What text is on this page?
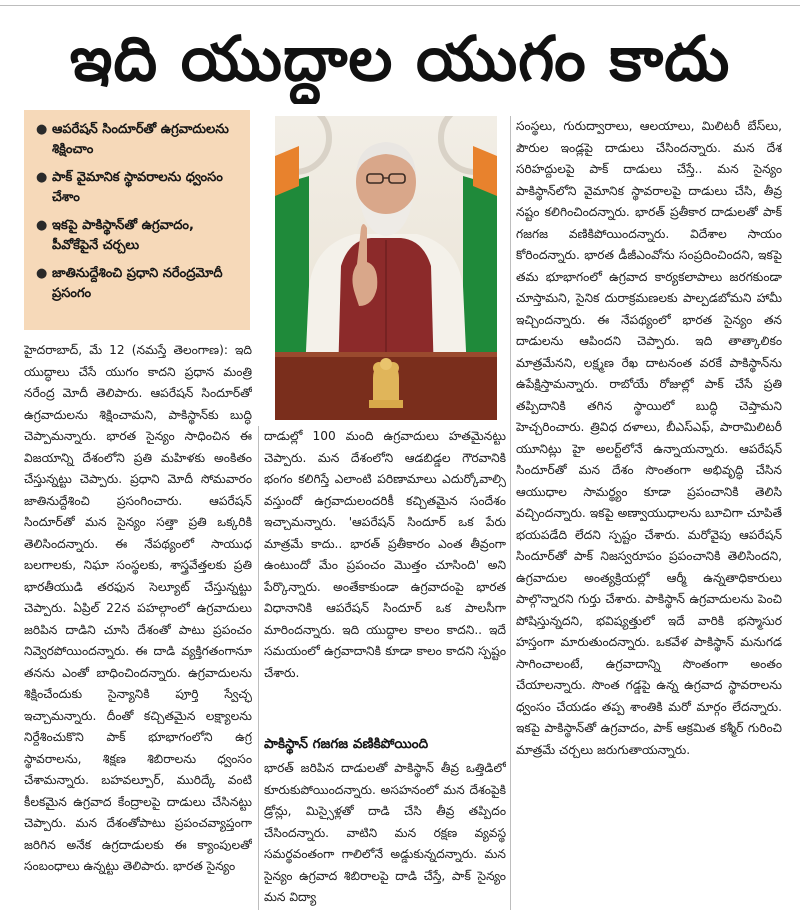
ఇది యుద్ధాల యుగం కాదు
● ఆపరేషన్ సిందూర్‌తో ఉగ్రవాదులను శిక్షించాం
● పాక్ వైమానిక స్థావరాలను ధ్వంసం చేశాం
● ఇకపై పాకిస్థాన్‌తో ఉగ్రవాదం, పీవోకేపైనే చర్చలు
● జాతినుద్దేశించి ప్రధాని నరేంద్రమోదీ ప్రసంగం
హైదరాబాద్, మే 12 (నమస్తే తెలంగాణ): ఇది యుద్ధాలు చేసే యుగం కాదని ప్రధాన మంత్రి నరేంద్ర మోదీ తెలిపారు. ఆపరేషన్ సిందూర్‌తో ఉగ్రవాదులను శిక్షించామని, పాకిస్థాన్‌కు బుద్ధి చెప్పామన్నారు. భారత సైన్యం సాధించిన ఈ విజయాన్ని దేశంలోని ప్రతి మహిళకు అంకితం చేస్తున్నట్టు చెప్పారు. ప్రధాని మోదీ సోమవారం జాతినుద్దేశించి ప్రసంగించారు. ఆపరేషన్ సిందూర్‌తో మన సైన్యం సత్తా ప్రతి ఒక్కరికి తెలిసిందన్నారు. ఈ నేపథ్యంలో సాయుధ బలగాలకు, నిఘా సంస్థలకు, శాస్త్రవేత్తలకు ప్రతి భారతీయుడి తరఫున సెల్యూట్ చేస్తున్నట్టు చెప్పారు. ఏప్రిల్ 22న పహల్గాంలో ఉగ్రవాదులు జరిపిన దాడిని చూసి దేశంతో పాటు ప్రపంచం నివ్వెరపోయిందన్నారు. ఈ దాడి వ్యక్తిగతంగానూ తనను ఎంతో బాధించిందన్నారు. ఉగ్రవాదులను శిక్షించేందుకు సైన్యానికి పూర్తి స్వేచ్ఛ ఇచ్చామన్నారు. దీంతో కచ్చితమైన లక్ష్యాలను నిర్దేశించుకొని పాక్ భూభాగంలోని ఉగ్ర స్థావరాలను, శిక్షణ శిబిరాలను ధ్వంసం చేశామన్నారు. బహవల్పూర్, మురిద్కే వంటి కీలకమైన ఉగ్రవాద కేంద్రాలపై దాడులు చేసినట్టు చెప్పారు. మన దేశంతోపాటు ప్రపంచవ్యాప్తంగా జరిగిన అనేక ఉగ్రదాడులకు ఈ క్యాంపులతో సంబంధాలు ఉన్నట్టు తెలిపారు. భారత సైన్యం
దాడుల్లో 100 మంది ఉగ్రవాదులు హతమైనట్టు చెప్పారు. మన దేశంలోని ఆడబిడ్డల గౌరవానికి భంగం కలిగిస్తే ఎలాంటి పరిణామాలు ఎదుర్కోవాల్సి వస్తుందో ఉగ్రవాదులందరికీ కచ్చితమైన సందేశం ఇచ్చామన్నారు. 'ఆపరేషన్ సిందూర్ ఒక పేరు మాత్రమే కాదు.. భారత్ ప్రతీకారం ఎంత తీవ్రంగా ఉంటుందో మేం ప్రపంచం మొత్తం చూసింది' అని పేర్కొన్నారు. అంతేకాకుండా ఉగ్రవాదంపై భారత విధానానికి ఆపరేషన్ సిందూర్ ఒక పాలసీగా మారిందన్నారు. ఇది యుద్ధాల కాలం కాదని.. ఇదే సమయంలో ఉగ్రవాదానికి కూడా కాలం కాదని స్పష్టం చేశారు.
పాకిస్థాన్ గజగజ వణికిపోయింది
భారత్ జరిపిన దాడులతో పాకిస్థాన్ తీవ్ర ఒత్తిడిలో కూరుకుపోయిందన్నారు. అసహనంలో మన దేశంపైకి డ్రోన్లు, మిస్సైళ్లతో దాడి చేసి తీవ్ర తప్పిదం చేసిందన్నారు. వాటిని మన రక్షణ వ్యవస్థ సమర్థవంతంగా గాలిలోనే అడ్డుకున్నదన్నారు. మన సైన్యం ఉగ్రవాద శిబిరాలపై దాడి చేస్తే, పాక్ సైన్యం మన విద్యా
సంస్థలు, గురుద్వారాలు, ఆలయాలు, మిలిటరీ బేస్‌లు, పౌరుల ఇండ్లపై దాడులు చేసిందన్నారు. మన దేశ సరిహద్దులపై పాక్ దాడులు చేస్తే.. మన సైన్యం పాకిస్థాన్‌లోని వైమానిక స్థావరాలపై దాడులు చేసి, తీవ్ర నష్టం కలిగించిందన్నారు. భారత్ ప్రతీకార దాడులతో పాక్ గజగజ వణికిపోయిందన్నారు. విదేశాల సాయం కోరిందన్నారు. భారత డీజీఎంవోను సంప్రదించిందని, ఇకపై తమ భూభాగంలో ఉగ్రవాద కార్యకలాపాలు జరగకుండా చూస్తామని, సైనిక దురాక్రమణలకు పాల్పడబోమని హామీ ఇచ్చిందన్నారు. ఈ నేపథ్యంలో భారత సైన్యం తన దాడులను ఆపిందని చెప్పారు. ఇది తాత్కాలికం మాత్రమేనని, లక్ష్మణ రేఖ దాటనంత వరకే పాకిస్థాన్‌ను ఉపేక్షిస్తామన్నారు. రాబోయే రోజుల్లో పాక్ చేసే ప్రతి తప్పిదానికి తగిన స్థాయిలో బుద్ధి చెప్తామని హెచ్చరించారు. త్రివిధ దళాలు, బీఎస్‌ఎఫ్, పారామిలిటరీ యూనిట్లు హై అలర్ట్‌లోనే ఉన్నాయన్నారు. ఆపరేషన్ సిందూర్‌తో మన దేశం సొంతంగా అభివృద్ధి చేసిన ఆయుధాల సామర్థ్యం కూడా ప్రపంచానికి తెలిసి వచ్చిందన్నారు. ఇకపై అణ్వాయుధాలను బూచిగా చూపితే భయపడేది లేదని స్పష్టం చేశారు. మరోవైపు ఆపరేషన్ సిందూర్‌తో పాక్ నిజస్వరూపం ప్రపంచానికి తెలిసిందని, ఉగ్రవాదుల అంత్యక్రియల్లో ఆర్మీ ఉన్నతాధికారులు పాల్గొన్నారని గుర్తు చేశారు. పాకిస్థాన్ ఉగ్రవాదులను పెంచి పోషిస్తున్నదని, భవిష్యత్తులో ఇదే వారికి భస్మాసుర హస్తంగా మారుతుందన్నారు. ఒకవేళ పాకిస్థాన్ మనుగడ సాగించాలంటే, ఉగ్రవాదాన్ని సొంతంగా అంతం చేయాలన్నారు. సొంత గడ్డపై ఉన్న ఉగ్రవాద స్థావరాలను ధ్వంసం చేయడం తప్ప శాంతికి మరో మార్గం లేదన్నారు. ఇకపై పాకిస్థాన్‌తో ఉగ్రవాదం, పాక్ ఆక్రమిత కశ్మీర్ గురించి మాత్రమే చర్చలు జరుగుతాయన్నారు.
